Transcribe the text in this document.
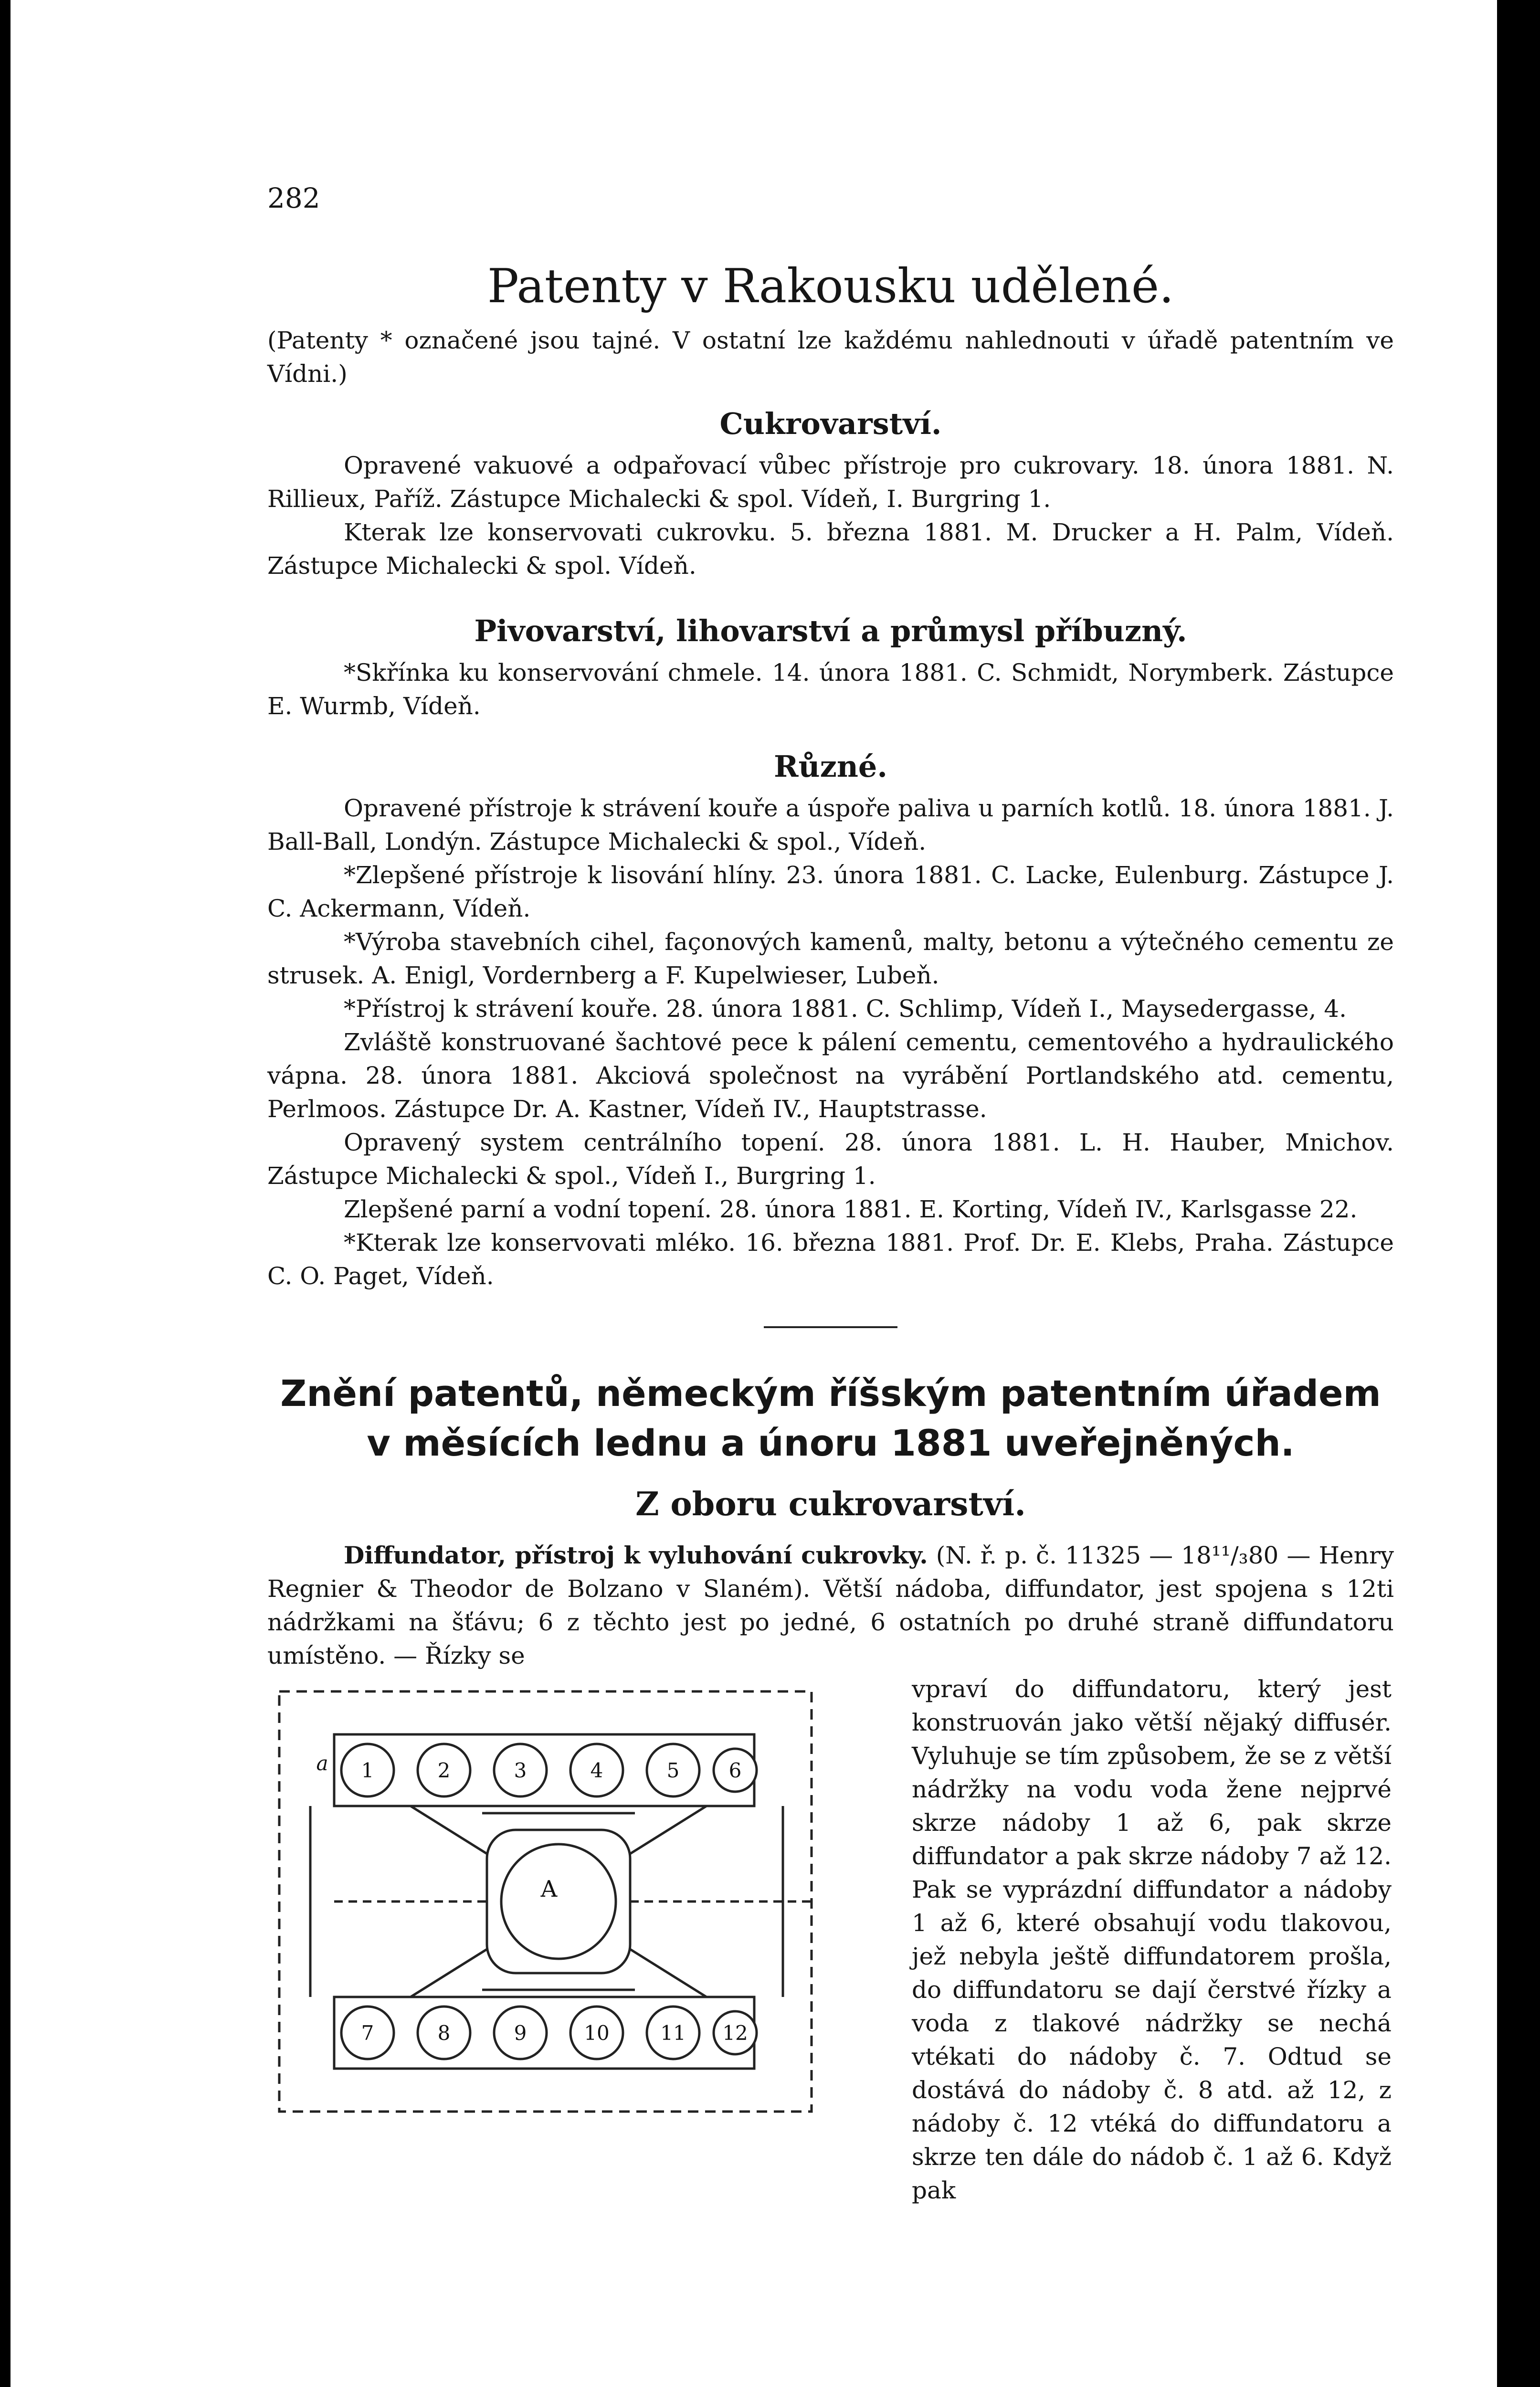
282
Patenty v Rakousku udělené.
(Patenty * označené jsou tajné. V ostatní lze každému nahlednouti v úřadě patentním ve Vídni.)
Cukrovarství.

Opravené vakuové a odpařovací vůbec přístroje pro cukrovary. 18. února 1881. N. Rillieux, Paříž. Zástupce Michalecki & spol. Vídeň, I. Burgring 1.

Kterak lze konservovati cukrovku. 5. března 1881. M. Drucker a H. Palm, Vídeň. Zástupce Michalecki & spol. Vídeň.

Pivovarství, lihovarství a průmysl příbuzný.

*Skřínka ku konservování chmele. 14. února 1881. C. Schmidt, Norymberk. Zástupce E. Wurmb, Vídeň.

Různé.

Opravené přístroje k strávení kouře a úspoře paliva u parních kotlů. 18. února 1881. J. Ball-Ball, Londýn. Zástupce Michalecki & spol., Vídeň.

*Zlepšené přístroje k lisování hlíny. 23. února 1881. C. Lacke, Eulenburg. Zástupce J. C. Ackermann, Vídeň.

*Výroba stavebních cihel, façonových kamenů, malty, betonu a výtečného cementu ze strusek. A. Enigl, Vordernberg a F. Kupelwieser, Lubeň.

*Přístroj k strávení kouře. 28. února 1881. C. Schlimp, Vídeň I., Maysedergasse, 4.

Zvláště konstruované šachtové pece k pálení cementu, cementového a hydraulického vápna. 28. února 1881. Akciová společnost na vyrábění Portlandského atd. cementu, Perlmoos. Zástupce Dr. A. Kastner, Vídeň IV., Hauptstrasse.

Opravený system centrálního topení. 28. února 1881. L. H. Hauber, Mnichov. Zástupce Michalecki & spol., Vídeň I., Burgring 1.

Zlepšené parní a vodní topení. 28. února 1881. E. Korting, Vídeň IV., Karlsgasse 22.

*Kterak lze konservovati mléko. 16. března 1881. Prof. Dr. E. Klebs, Praha. Zástupce C. O. Paget, Vídeň.

Znění patentů, německým říšským patentním úřadem v měsících lednu a únoru 1881 uveřejněných.
Z oboru cukrovarství.

Diffundator, přístroj k vyluhování cukrovky. (N. ř. p. č. 11325 — 18¹¹/₃80 — Henry Regnier & Theodor de Bolzano v Slaném). Větší nádoba, diffundator, jest spojena s 12ti nádržkami na šťávu; 6 z těchto jest po jedné, 6 ostatních po druhé straně diffundatoru umístěno. — Řízky se

1	2	3	4	5 6
7	8	9	10	11 12
A
a

vpraví do diffundatoru, který jest konstruován jako větší nějaký diffusér. Vyluhuje se tím způsobem, že se z větší nádržky na vodu voda žene nejprvé skrze nádoby 1 až 6, pak skrze diffundator a pak skrze nádoby 7 až 12. Pak se vyprázdní diffundator a nádoby 1 až 6, které obsahují vodu tlakovou, jež nebyla ještě diffundatorem prošla, do diffundatoru se dají čerstvé řízky a voda z tlakové nádržky se nechá vtékati do nádoby č. 7. Odtud se dostává do nádoby č. 8 atd. až 12, z nádoby č. 12 vtéká do diffundatoru a skrze ten dále do nádob č. 1 až 6. Když pak
